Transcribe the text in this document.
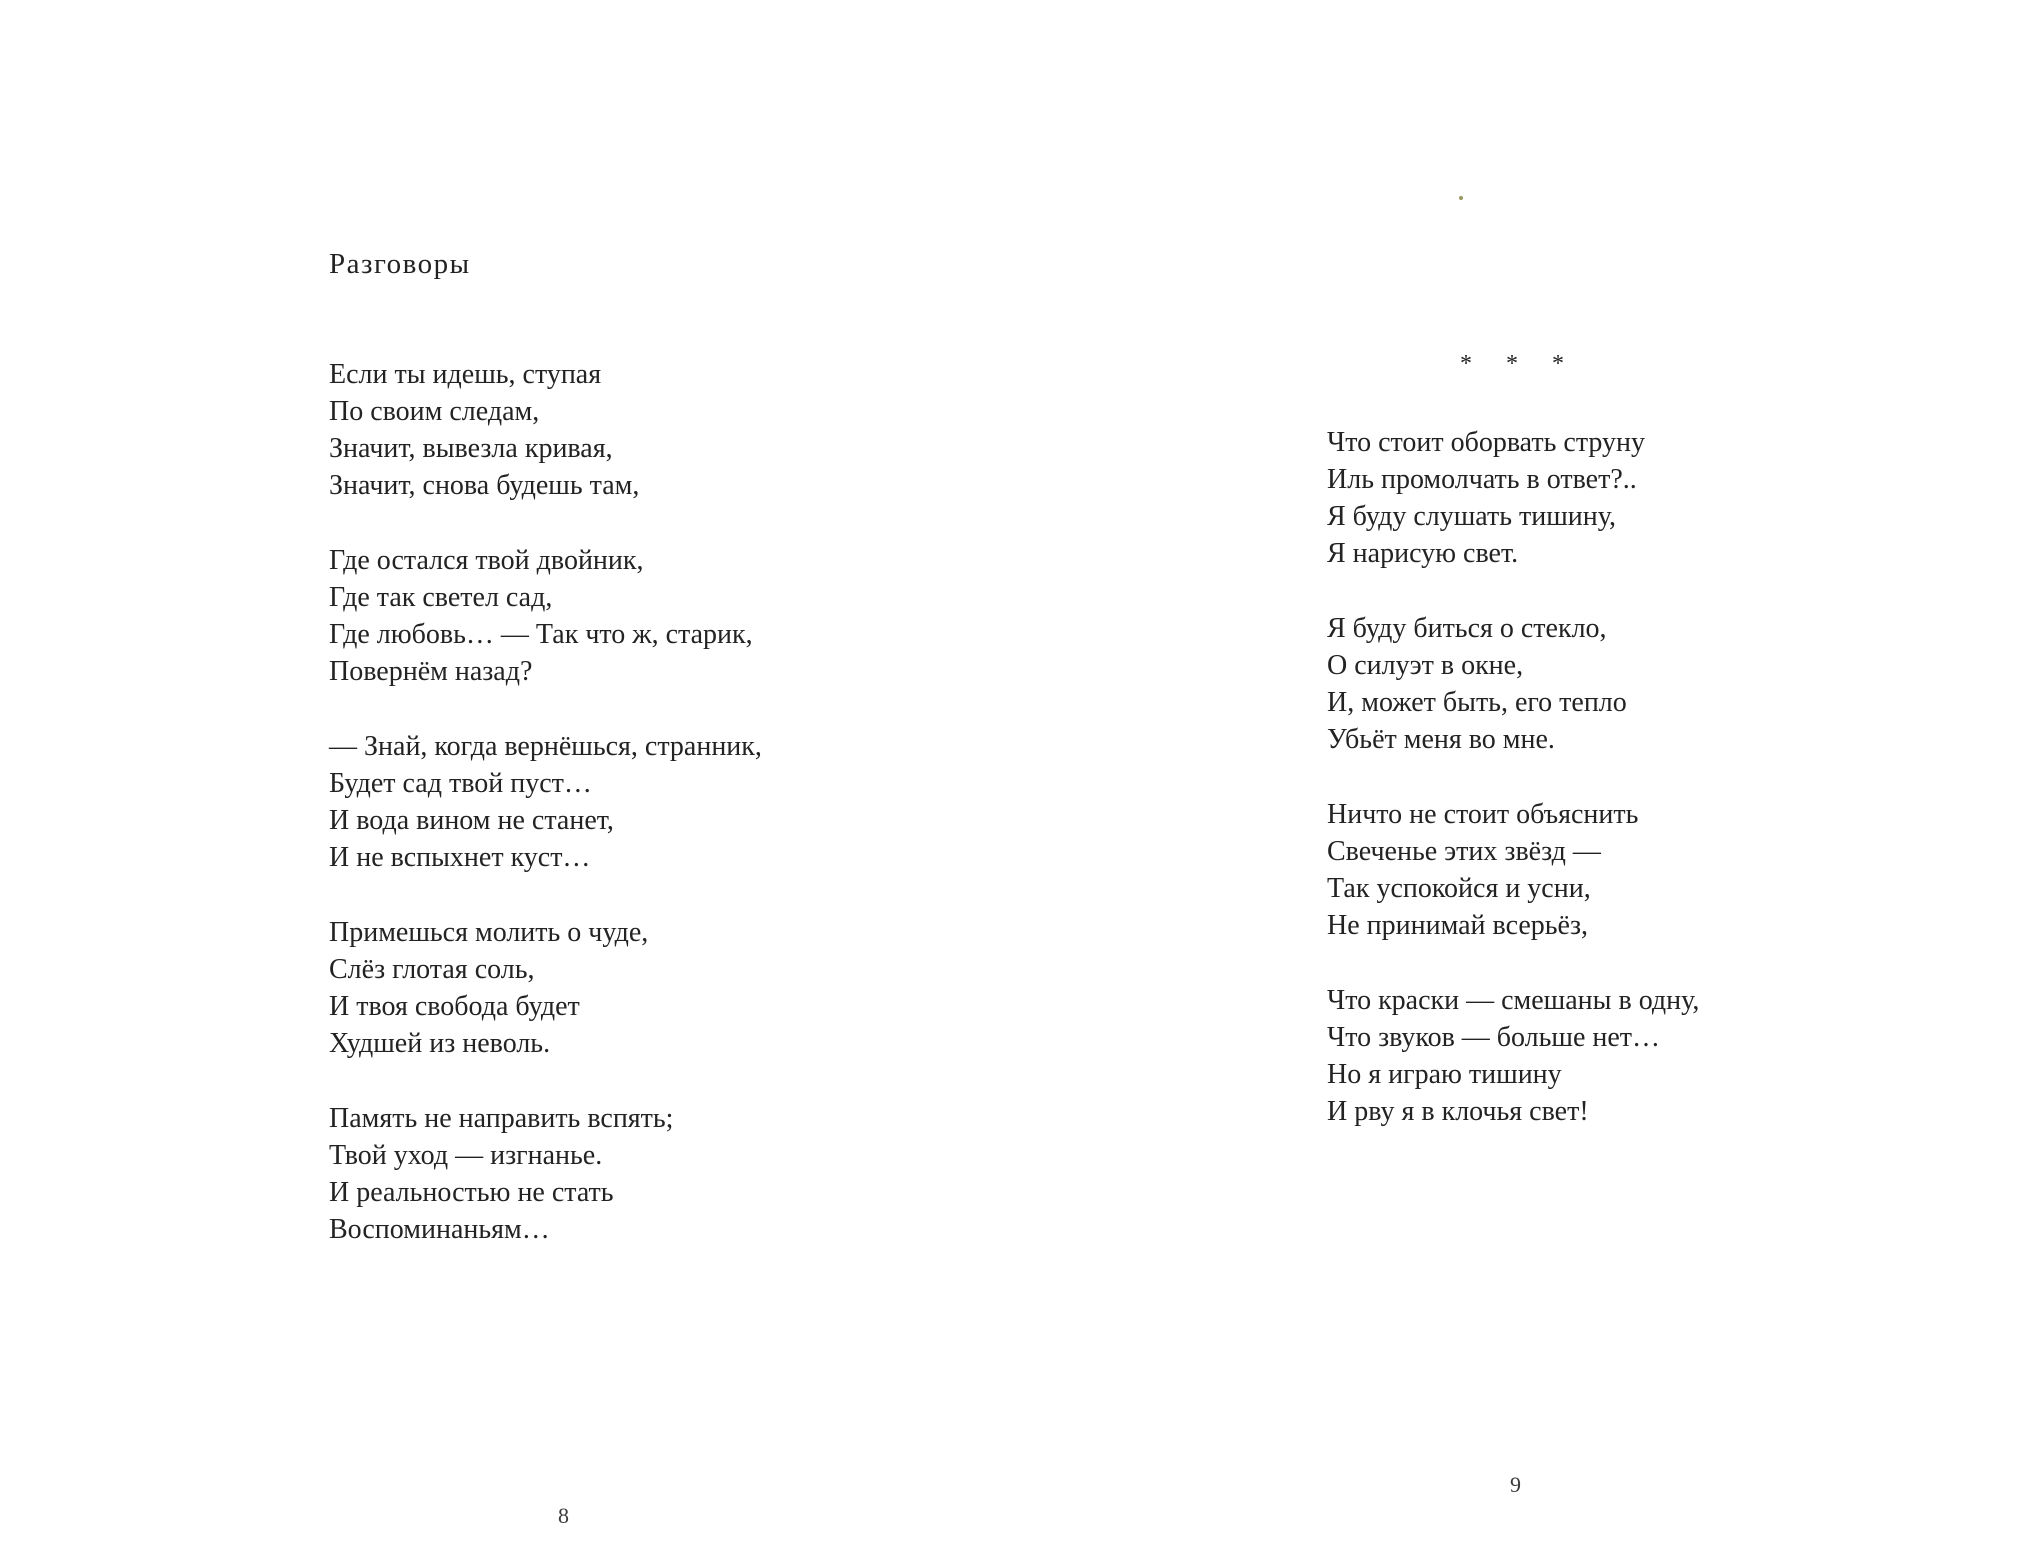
Разговоры
Если ты идешь, ступая
По своим следам,
Значит, вывезла кривая,
Значит, снова будешь там,
Где остался твой двойник,
Где так светел сад,
Где любовь… — Так что ж, старик,
Повернём назад?
— Знай, когда вернёшься, странник,
Будет сад твой пуст…
И вода вином не станет,
И не вспыхнет куст…
Примешься молить о чуде,
Слёз глотая соль,
И твоя свобода будет
Худшей из неволь.
Память не направить вспять;
Твой уход — изгнанье.
И реальностью не стать
Воспоминаньям…
8
* * *
Что стоит оборвать струну
Иль промолчать в ответ?..
Я буду слушать тишину,
Я нарисую свет.
Я буду биться о стекло,
О силуэт в окне,
И, может быть, его тепло
Убьёт меня во мне.
Ничто не стоит объяснить
Свеченье этих звёзд —
Так успокойся и усни,
Не принимай всерьёз,
Что краски — смешаны в одну,
Что звуков — больше нет…
Но я играю тишину
И рву я в клочья свет!
9
